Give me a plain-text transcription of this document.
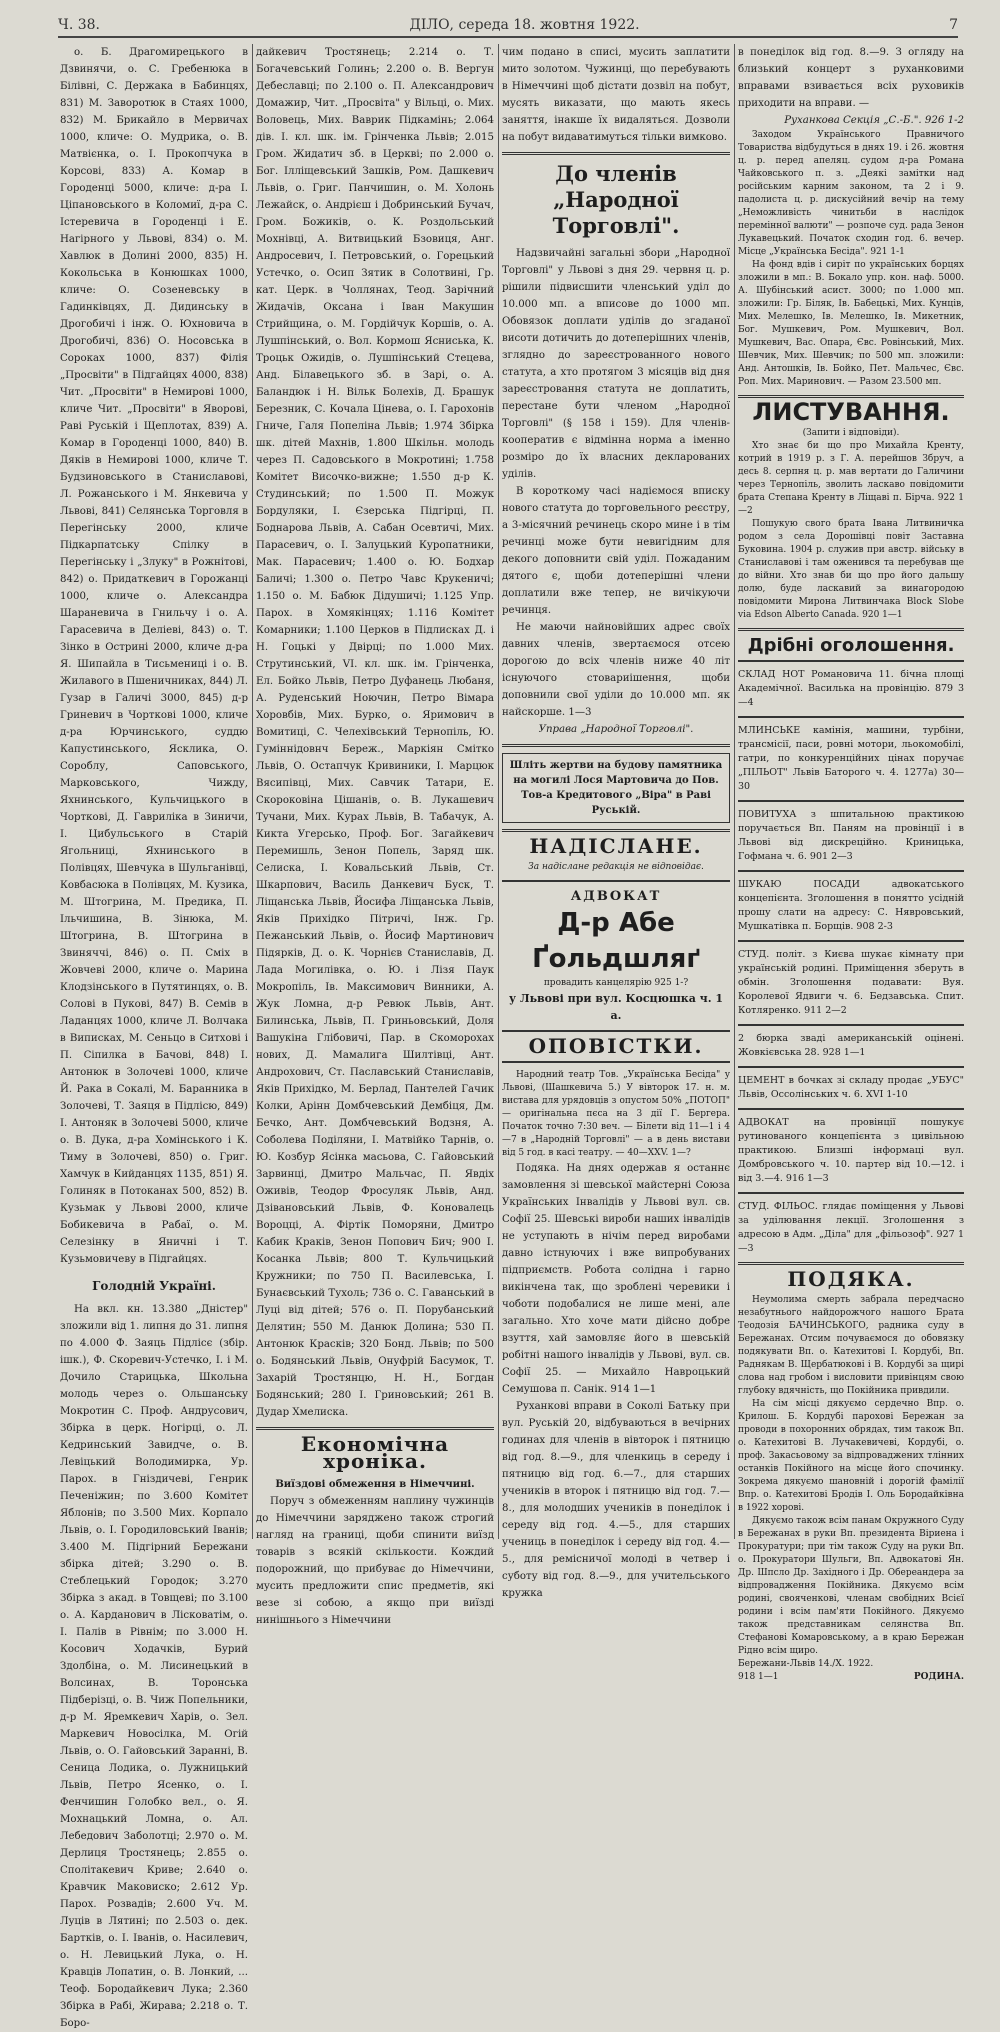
Ч. 38.	ДІЛО, середа 18. жовтня 1922.	7

о. Б. Драгомирецького в Дзвинячи, о. С. Гребенюка в Білівні, С. Держака в Бабинцях, 831) М. Заворотюк в Стаях 1000, 832) М. Брикайло в Мервичах 1000, кличе: О. Мудрика, о. В. Матвієнка, о. І. Прокопчука в Корсові, 833) А. Комар в Городенці 5000, кличе: д-ра І. Ціпановського в Коломиї, д-ра С. Істеревича в Городенці і Е. Нагірного у Львові, 834) о. М. Хавлюк в Долині 2000, 835) Н. Кокольська в Конюшках 1000, кличе: О. Созеневську в Гадинківцях, Д. Дидинську в Дрогобичі і інж. О. Юхновича в Дрогобичі, 836) О. Носовська в Сороках 1000, 837) Філія „Просвіти" в Підгайцях 4000, 838) Чит. „Просвіти" в Немирові 1000, кличе Чит. „Просвіти" в Яворові, Раві Руській і Щеплотах, 839) А. Комар в Городенці 1000, 840) В. Дяків в Немирові 1000, кличе Т. Будзиновського в Станиславові, Л. Рожанського і М. Янкевича у Львові, 841) Селянська Торговля в Перегінську 2000, кличе Підкарпатську Спілку в Перегінську і „Злуку" в Рожнітові, 842) о. Придаткевич в Горожанці 1000, кличе о. Александра Шараневича в Гнильчу і о. А. Гарасевича в Деліеві, 843) о. Т. Зінко в Острині 2000, кличе д-ра Я. Шипайла в Тисьмениці і о. В. Жилавого в Пшеничниках, 844) Л. Гузар в Галичі 3000, 845) д-р Гриневич в Чорткові 1000, кличе д-ра Юрчинського, суддю Капустинського, Ясклика, О. Сороблу, Саповського, Марковського, Чижду, Яхнинського, Кульчицького в Чорткові, Д. Гавриліка в Зиничи, І. Цибульського в Старій Ягольниці, Яхнинського в Полівцях, Шевчука в Шульганівці, Ковбасюка в Полівцях, М. Кузика, М. Штогрина, М. Предика, П. Ільчишина, В. Зінюка, М. Штогрина, В. Штогрина в Звиняччі, 846) о. П. Сміх в Жовчеві 2000, кличе о. Марина Клодзінського в Путятинцях, о. В. Солові в Пукові, 847) В. Семів в Ладанцях 1000, кличе Л. Волчака в Виписках, М. Сеньцо в Ситхові і П. Сіпилка в Бачові, 848) І. Антонюк в Золочеві 1000, кличе Й. Рака в Сокалі, М. Баранника в Золочеві, Т. Заяця в Підлісю, 849) І. Антоняк в Золочеві 5000, кличе о. В. Дука, д-ра Хомінського і К. Тиму в Золочеві, 850) о. Григ. Хамчук в Кийданцях 1135, 851) Я. Голиняк в Потоканах 500, 852) В. Кузьмак у Львові 2000, кличе Бобикевича в Рабаї, о. М. Селезінку в Яничні і Т. Кузьмовичеву в Підгайцях.

Голодній Україні.

На вкл. кн. 13.380 „Дністер" зложили від 1. липня до 31. липня по 4.000 Ф. Заяць Підлісє (збір. ішк.), Ф. Скоревич-Устечко, І. і М. Дочило Старицька, Школьна молодь через о. Ольшанську Мокротин С. Проф. Андрусович, Збірка в церк. Ногірці, о. Л. Кедринський Завидче, о. В. Левіцький Володимирка, Ур. Парох. в Гніздичеві, Генрик Печеніжин; по 3.600 Комітет Яблонів; по 3.500 Мих. Корпало Львів, о. І. Городиловський Іванів; 3.400 М. Підгірний Бережани збірка дітей; 3.290 о. В. Стеблецький Городок; 3.270 Збірка з акад. в Товщеві; по 3.100 о. А. Карданович в Лісковатім, о. І. Палів в Рівнім; по 3.000 Н. Косович Ходачків, Бурий Здолбіна, о. М. Лисинецький в Волсинах, В. Торонська Підберізці, о. В. Чиж Попельники, д-р М. Яремкевич Харів, о. Зел. Маркевич Новосілка, М. Огій Львів, о. О. Гайовський Заранні, В. Сеница Лодика, о. Лужницький Львів, Петро Ясенко, о. І. Фенчишин Голобко вел., о. Я. Мохнацький Ломна, о. Ал. Лебедович Заболотці; 2.970 о. М. Дерлиця Тростянець; 2.855 о. Сполітакевич Криве; 2.640 о. Кравчик Маковиско; 2.612 Ур. Парох. Розвадів; 2.600 Уч. М. Луців в Лятині; по 2.503 о. дек. Бартків, о. І. Іванів, о. Насилевич, о. Н. Левицький Лука, о. Н. Кравців Лопатин, о. В. Лонкий, ... Теоф. Бородайкевич Лука; 2.360 Збірка в Рабі, Жирава; 2.218 о. Т. Боро-

дайкевич Тростянець; 2.214 о. Т. Богачевський Голинь; 2.200 о. В. Вергун Дебеславці; по 2.100 о. П. Александрович Домажир, Чит. „Просвіта" у Вільці, о. Мих. Воловець, Мих. Ваврик Підкамінь; 2.064 дів. І. кл. шк. ім. Грінченка Львів; 2.015 Гром. Жидатич зб. в Церкві; по 2.000 о. Бог. Ілліщевський Зашків, Ром. Дашкевич Львів, о. Григ. Панчишин, о. М. Холонь Лежайск, о. Андрієш і Добринський Бучач, Гром. Божиків, о. К. Роздольський Мохнівці, А. Витвицький Бзовиця, Анг. Андросевич, І. Петровський, о. Горецький Устечко, о. Осип Зятик в Солотвині, Гр. кат. Церк. в Чоллянах, Теод. Зарічний Жидачів, Оксана і Іван Макушин Стрийщина, о. М. Гордійчук Коршів, о. А. Лушпінський, о. Вол. Кормош Ясниська, К. Троцьк Ожидів, о. Лушпінський Стецева, Анд. Білавецького зб. в Зарі, о. А. Баландюк і Н. Вільк Болехів, Д. Брашук Березник, С. Кочала Цінева, о. І. Гарохонів Гниче, Галя Попеліна Львів; 1.974 Збірка шк. дітей Махнів, 1.800 Шкільн. молодь через П. Садовського в Мокротині; 1.758 Комітет Височко-вижне; 1.550 д-р К. Студинський; по 1.500 П. Можук Бордуляки, І. Єзерська Підгірці, П. Боднарова Львів, А. Сабан Осевтичі, Мих. Парасевич, о. І. Залуцький Куропатники, Мак. Парасевич; 1.400 о. Ю. Бодхар Баличі; 1.300 о. Петро Чавс Крукеничі; 1.150 о. М. Бабюк Дідушичі; 1.125 Упр. Парох. в Хомякінцях; 1.116 Комітет Комарники; 1.100 Церков в Підлисках Д. і Н. Гоцькі у Двірці; по 1.000 Мих. Струтинський, VI. кл. шк. ім. Грінченка, Ел. Бойко Львів, Петро Дуфанець Любаня, А. Руденський Ноючин, Петро Вімара Хоровбів, Мих. Бурко, о. Яримович в Вомитиці, С. Челехівський Тернопіль, Ю. Гуміннідовнч Береж., Маркіян Смітко Львів, О. Остапчук Кривиники, І. Марцюк Вясипівці, Мих. Савчик Татари, Е. Скороковіна Цішанів, о. В. Лукашевич Тучани, Мих. Курах Львів, В. Табачук, А. Кикта Угерсько, Проф. Бог. Загайкевич Перемишль, Зенон Попель, Заряд шк. Селиска, І. Ковальський Львів, Ст. Шкарпович, Василь Данкевич Буск, Т. Ліщанська Львів, Йосифа Ліщанська Львів, Яків Прихідко Пітричі, Інж. Гр. Пежанський Львів, о. Йосиф Мартинович Підярків, Д. о. К. Чорнієв Станиславів, Д. Лада Могилівка, о. Ю. і Лізя Паук Мокропіль, Ів. Максимович Винники, А. Жук Ломна, д-р Ревюк Львів, Ант. Билинська, Львів, П. Гриньовський, Доля Вашукіна Глібовичі, Пар. в Скоморохах нових, Д. Мамалига Шилтівці, Ант. Андрохович, Ст. Паславський Станиславів, Яків Прихідко, М. Берлад, Пантелей Гачик Колки, Арінн Домбчевський Дембіця, Дм. Бечко, Ант. Домбчевський Водзня, А. Соболева Поділяни, І. Матвійко Тарнів, о. Ю. Козбур Ясінка масьова, С. Гайовський Зарвинці, Дмитро Мальчас, П. Явдіх Оживів, Теодор Фросуляк Львів, Анд. Дзівановський Львів, Ф. Коновалець Вороцці, А. Фіртік Поморяни, Дмитро Кабик Краків, Зенон Попович Бич; 900 І. Косанка Львів; 800 Т. Кульчицький Кружники; по 750 П. Василевська, І. Бунаєвський Тухоль; 736 о. С. Гаванський в Луці від дітей; 576 о. П. Порубанський Делятин; 550 М. Данюк Долина; 530 П. Антонюк Красків; 320 Бонд. Львів; по 500 о. Бодянський Львів, Онуфрій Басумок, Т. Захарій Тростянцю, Н. Н., Богдан Бодянський; 280 І. Гриновський; 261 В. Дудар Хмелиска.

Економічна хроніка.
Виїздові обмеження в Німеччині.

Поруч з обмеженням наплину чужинців до Німеччини заряджено також строгий нагляд на границі, щоби спинити виїзд товарів з всякій скількости. Кождий подорожний, що прибуває до Німеччини, мусить предложити спис предметів, які везе зі собою, а якщо при виїзді нинішнього з Німеччини

чим подано в списі, мусить заплатити мито золотом. Чужинці, що перебувають в Німеччині щоб дістати дозвіл на побут, мусять виказати, що мають якесь заняття, інакше їх видаляться. Дозволи на побут видаватимуться тільки вимково.

До членів „Народної Торговлі".

Надзвичайні загальні збори „Народної Торговлі" у Львові з дня 29. червня ц. р. рішили підвисшити членський уділ до 10.000 мп. а вписове до 1000 мп. Обовязок доплати уділів до згаданої висоти дотичить до дотеперішних членів, зглядно до зареєстрованного нового статута, а хто протягом 3 місяців від дня зареєстровання статута не доплатить, перестане бути членом „Народної Торговлі" (§ 158 і 159). Для членів-кооператив є відмінна норма а іменно розміро до їх власних декларованих уділів.

В короткому часі надіємося вписку нового статута до торговельного реєстру, а 3-місячний речинець скоро мине і в тім речинці може бути невигідним для декого доповнити свій уділ. Пожаданим дятого є, щоби дотеперішні члени доплатили вже тепер, не вичікуючи речинця.

Не маючи найновійших адрес своїх давних членів, звертаємося отсею дорогою до всіх членів ниже 40 літ існуючого стовариішення, щоби доповнили свої уділи до 10.000 мп. як найскорше. 1—3

Управа „Народної Торговлі".
Шліть жертви на будову памятника на могилі Лося Мартовича до Пов. Тов-а Кредитового „Віра" в Раві Руській.
НАДІСЛАНЕ.
За надіслане редакція не відповідає.
АДВОКАТ
Д-р Абе Ґольдшляґ
провадить канцелярію 925 1-?
у Львові при вул. Косцюшка ч. 1 а.
ОПОВІСТКИ.

Народний театр Тов. „Українська Бесіда" у Львові, (Шашкевича 5.) У вівторок 17. н. м. вистава для урядовців з опустом 50% „ПОТОП" — оригінальна пєса на 3 дії Г. Бергера. Початок точно 7:30 веч. — Білети від 11—1 і 4—7 в „Народній Торговлі" — а в день вистави від 5 год. в касі театру. — 40—XXV. 1—?

Подяка. На днях одержав я останнє замовлення зі шевської майстерні Союза Українських Інвалідів у Львові вул. св. Софії 25. Шевські вироби наших інвалідів не уступають в нічім перед виробами давно істнуючих і вже випробуваних підприємств. Робота солідна і гарно викінчена так, що зроблені черевики і чоботи подобалися не лише мені, але загально. Хто хоче мати дійсно добре взуття, хай замовляє його в шевській робітні нашого інвалідів у Львові, вул. св. Софії 25. — Михайло Навроцький Семушова п. Санік. 914 1—1

Руханкові вправи в Соколі Батьку при вул. Руській 20, відбуваються в вечірних годинах для членів в вівторок і пятницю від год. 8.—9., для членкиць в середу і пятницю від год. 6.—7., для старших учеників в второк і пятницю від год. 7.—8., для молодших учеників в понеділок і середу від год. 4.—5., для старших учениць в понеділок і середу від год. 4.—5., для ремісничої молоді в четвер і суботу від год. 8.—9., для учительського кружка

в понеділок від год. 8.—9. З огляду на близький концерт з руханковими вправами взивається всіх руховиків приходити на вправи. —

Руханкова Секція „С.-Б.". 926 1-2

Заходом Українського Правничого Товариства відбудуться в днях 19. і 26. жовтня ц. р. перед апеляц. судом д-ра Романа Чайковського п. з. „Деякі замітки над російським карним законом, та 2 і 9. падолиста ц. р. дискусійний вечір на тему „Неможливість чинитьби в наслідок перемінної валюти" — розпоче суд. рада Зенон Лукавецький. Початок сходин год. 6. вечер. Місце „Українська Бесіда". 921 1-1

На фонд вдів і сиріт по українських борцях зложили в мп.: В. Бокало упр. кон. наф. 5000. А. Шубінський асист. 3000; по 1.000 мп. зложили: Гр. Біляк, Ів. Бабецькі, Мих. Кунців, Мих. Мелешко, Ів. Мелешко, Ів. Микетник, Бог. Мушкевич, Ром. Мушкевич, Вол. Мушкевич, Вас. Опара, Євс. Ровінський, Мих. Шевчик, Мих. Шевчик; по 500 мп. зложили: Анд. Антошків, Ів. Бойко, Пет. Мальчес, Євс. Роп. Мих. Маринович. — Разом 23.500 мп.

ЛИСТУВАННЯ.
(Запити і відповіди).

Хто знає би що про Михайла Кренту, котрий в 1919 р. з Г. А. перейшов Збруч, а десь 8. серпня ц. р. мав вертати до Галичини через Тернопіль, зволить ласкаво повідомити брата Степана Кренту в Ліщаві п. Бірча. 922 1—2

Пошукую свого брата Івана Литвиничка родом з села Дорошівці повіт Заставна Буковина. 1904 р. служив при австр. війську в Станиславові і там оженився та перебував ще до війни. Хто знав би що про його дальшу долю, буде ласкавий за винагородою повідомити Мирона Литвинчака Block Slobe via Edson Alberto Canada. 920 1—1

Дрібні оголошення.

СКЛАД НОТ Романовича 11. бічна площі Академічної. Василька на провінцію. 879 3—4

МЛИНСЬКЕ камінія, машини, турбіни, трансмісії, паси, ровні мотори, льокомобілі, гатри, по конкуренційних цінах поручає „ПІЛЬОТ" Львів Баторого ч. 4. 1277а) 30—30

ПОВИТУХА з шпитальною практикою поручається Вп. Паням на провінції і в Львові від дискреційно. Криницька, Гофмана ч. 6. 901 2—3

ШУКАЮ ПОСАДИ адвокатського концепієнта. Зголошення в понятто усідній прошу слати на адресу: С. Нявровський, Мушкатівка п. Борщів. 908 2-3

СТУД. політ. з Києва шукає кімнату при українській родині. Приміщення зберуть в обмін. Зголошення подавати: Вуя. Королевої Ядвиги ч. 6. Бедзавська. Спит. Котляренко. 911 2—2

2 бюрка зваді американській оцінені. Жовкієвська 28. 928 1—1

ЦЕМЕНТ в бочках зі складу продає „УБУС" Львів, Оссолінських ч. 6. XVI 1-10

АДВОКАТ на провінції пошукує рутинованого концепієнта з цивільною практикою. Близші інформаці вул. Домбровського ч. 10. партер від 10.—12. і від 3.—4. 916 1—3

СТУД. ФІЛЬОС. глядає поміщення у Львові за уділювання лекції. Зголошення з адресою в Адм. „Діла" для „фільозоф". 927 1—3

ПОДЯКА.

Неумолима смерть забрала передчасно незабутнього найдорожчого нашого Брата Теодозія БАЧИНСЬКОГО, радника суду в Бережанах. Отсим почуваємося до обовязку подякувати Вп. о. Катехитові І. Кордубі, Вп. Раднякам В. Щербатюкові і В. Кордубі за щирі слова над гробом і висловити привінцям свою глубоку вдячність, що Покійника привдили.

На сім місці дякуємо сердечно Впр. о. Крилош. Б. Кордубі парохові Бережан за проводи в похоронних обрядах, тим також Вп. о. Катехитові В. Лучакевичеві, Кордубі, о. проф. Закасьовому за відпроваджених тлінних останків Покійного на місце його спочинку. Зокрема дякуємо шановній і дорогій фамілії Впр. о. Катехитові Бродів І. Оль Бородайківна в 1922 хорові.

Дякуємо також всім панам Окружного Суду в Бережанах в руки Вп. президента Віриена і Прокуратури; при тім також Суду на руки Вп. о. Прокуратори Шульги, Вп. Адвокатові Ян. Др. Шпсло Др. Західного і Др. Обереандера за відпровадження Покійника. Дякуємо всім родині, свояченкові, членам свобідних Всієї родини і всім пам'яти Покійного. Дякуємо також представникам селянства Вп. Стефанові Комаровському, а в краю Бережан Рідно всім щиро.

Бережани-Львів 14./X. 1922.
918 1—1	РОДИНА.
